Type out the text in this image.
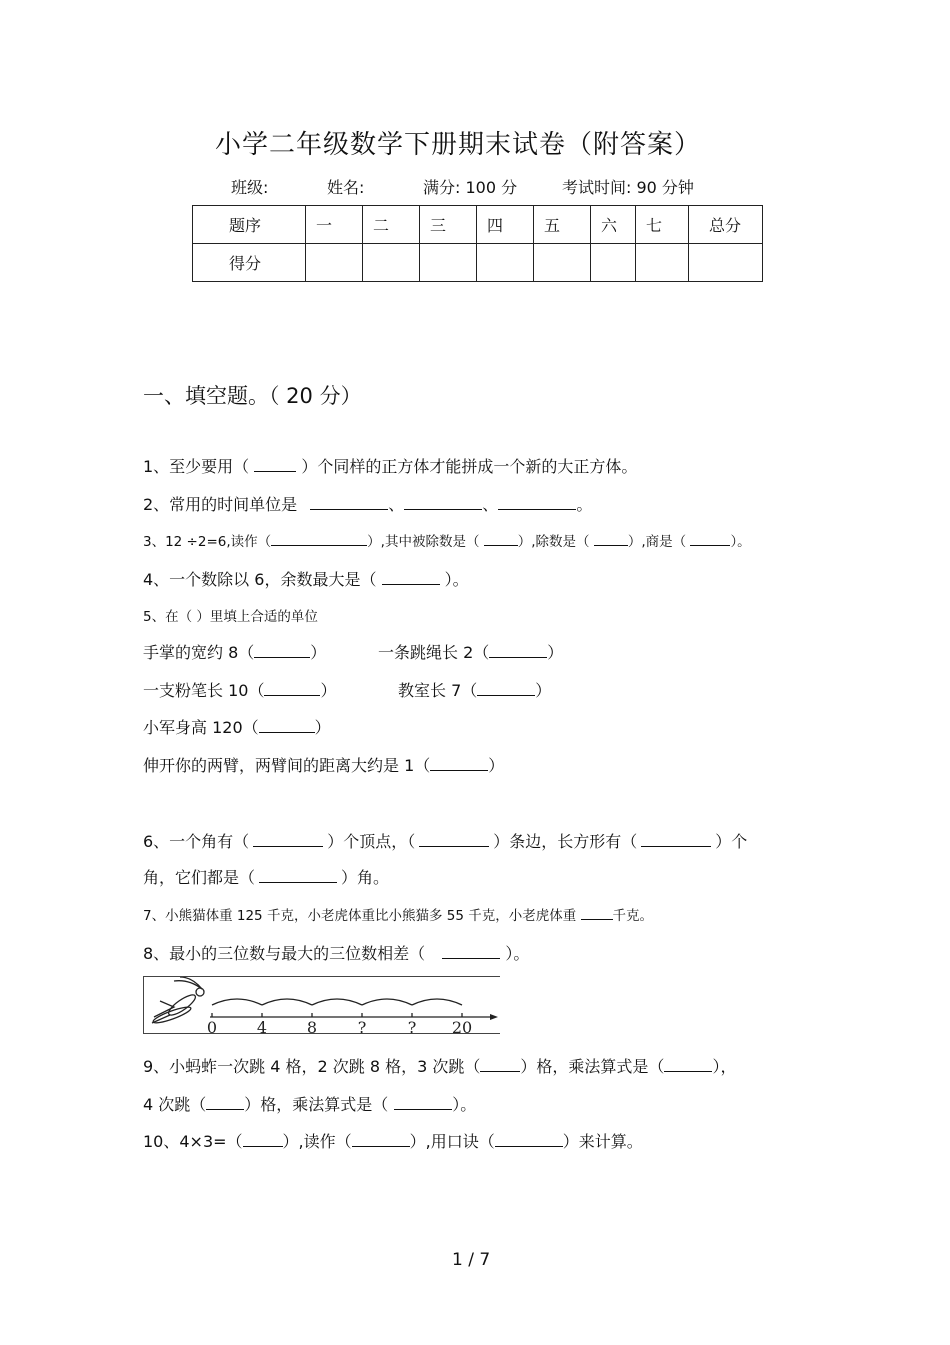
小学二年级数学下册期末试卷（附答案）
班级:	姓名:	满分: 100 分	考试时间: 90 分钟
题序	一	二	三	四	五	六	七	总分
得分								
一、填空题。（ 20 分）
1、至少要用（	）个同样的正方体才能拼成一个新的大正方体。
2、常用的时间单位是	、	、	。
3、12 ÷2=6,读作（	）,其中被除数是（	）,除数是（	）,商是（	）。
4、一个数除以 6，余数最大是（	）。
5、在（ ）里填上合适的单位
手掌的宽约 8（	）	一条跳绳长 2（	）
一支粉笔长 10（	）	教室长 7（	）
小军身高 120（	）
伸开你的两臂，两臂间的距离大约是 1（	）
6、一个角有（	）个顶点，（	）条边，长方形有（	）个
角，它们都是（	）角。
7、小熊猫体重 125 千克，小老虎体重比小熊猫多 55 千克，小老虎体重	千克。
8、最小的三位数与最大的三位数相差（	）。
0 4 8	?	? 20
9、小蚂蚱一次跳 4 格，2 次跳 8 格，3 次跳（	）格，乘法算式是（	），
4 次跳（ ）格，乘法算式是（	）。
10、4×3=（	）,读作（	）,用口诀（	）来计算。
1 / 7
